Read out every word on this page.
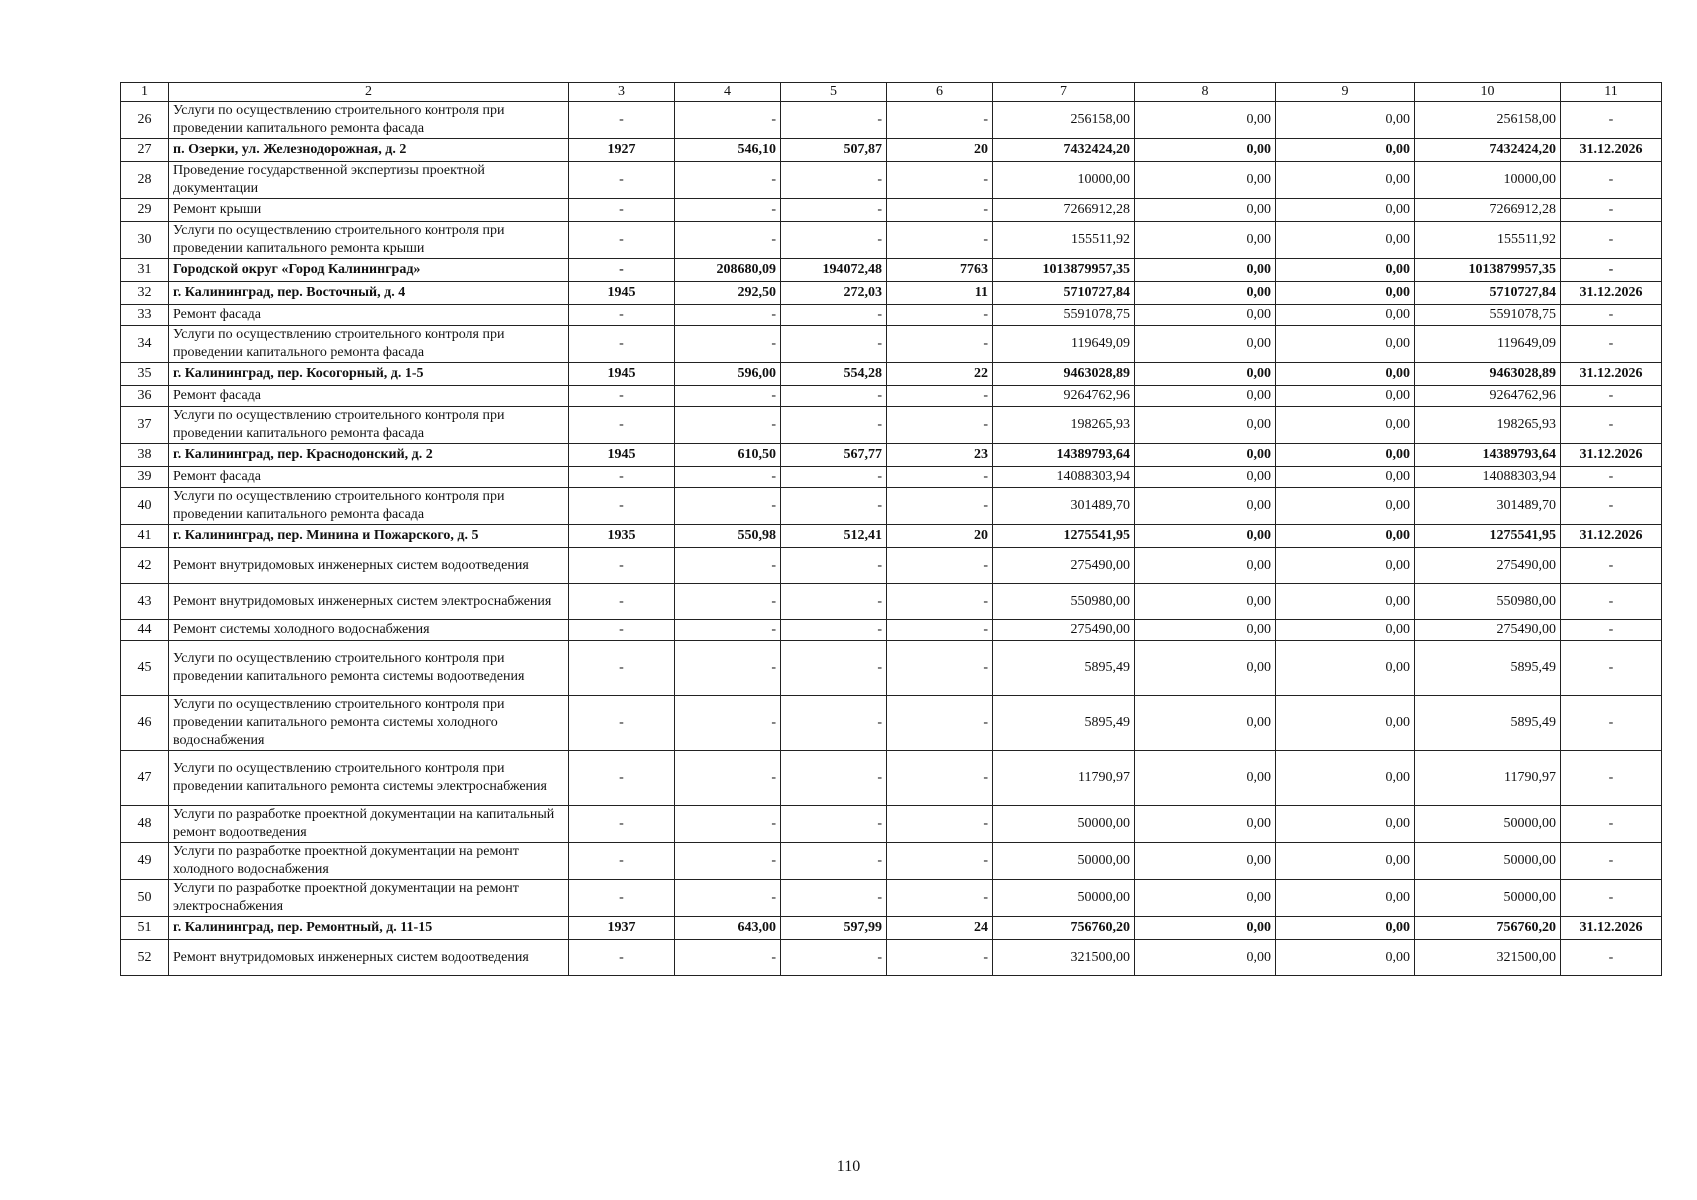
1	2	3	4	5	6	7	8	9	10	11
26	Услуги по осуществлению строительного контроля при проведении капитального ремонта фасада	-	-	-	-	256158,00	0,00	0,00	256158,00	-
27	п. Озерки, ул. Железнодорожная, д. 2	1927	546,10	507,87	20	7432424,20	0,00	0,00	7432424,20	31.12.2026
28	Проведение государственной экспертизы проектной документации	-	-	-	-	10000,00	0,00	0,00	10000,00	-
29	Ремонт крыши	-	-	-	-	7266912,28	0,00	0,00	7266912,28	-
30	Услуги по осуществлению строительного контроля при проведении капитального ремонта крыши	-	-	-	-	155511,92	0,00	0,00	155511,92	-
31	Городской округ «Город Калининград»	-	208680,09	194072,48	7763	1013879957,35	0,00	0,00	1013879957,35	-
32	г. Калининград, пер. Восточный, д. 4	1945	292,50	272,03	11	5710727,84	0,00	0,00	5710727,84	31.12.2026
33	Ремонт фасада	-	-	-	-	5591078,75	0,00	0,00	5591078,75	-
34	Услуги по осуществлению строительного контроля при проведении капитального ремонта фасада	-	-	-	-	119649,09	0,00	0,00	119649,09	-
35	г. Калининград, пер. Косогорный, д. 1-5	1945	596,00	554,28	22	9463028,89	0,00	0,00	9463028,89	31.12.2026
36	Ремонт фасада	-	-	-	-	9264762,96	0,00	0,00	9264762,96	-
37	Услуги по осуществлению строительного контроля при проведении капитального ремонта фасада	-	-	-	-	198265,93	0,00	0,00	198265,93	-
38	г. Калининград, пер. Краснодонский, д. 2	1945	610,50	567,77	23	14389793,64	0,00	0,00	14389793,64	31.12.2026
39	Ремонт фасада	-	-	-	-	14088303,94	0,00	0,00	14088303,94	-
40	Услуги по осуществлению строительного контроля при проведении капитального ремонта фасада	-	-	-	-	301489,70	0,00	0,00	301489,70	-
41	г. Калининград, пер. Минина и Пожарского, д. 5	1935	550,98	512,41	20	1275541,95	0,00	0,00	1275541,95	31.12.2026
42	Ремонт внутридомовых инженерных систем водоотведения	-	-	-	-	275490,00	0,00	0,00	275490,00	-
43	Ремонт внутридомовых инженерных систем электроснабжения	-	-	-	-	550980,00	0,00	0,00	550980,00	-
44	Ремонт системы холодного водоснабжения	-	-	-	-	275490,00	0,00	0,00	275490,00	-
45	Услуги по осуществлению строительного контроля при проведении капитального ремонта системы водоотведения	-	-	-	-	5895,49	0,00	0,00	5895,49	-
46	Услуги по осуществлению строительного контроля при проведении капитального ремонта системы холодного водоснабжения	-	-	-	-	5895,49	0,00	0,00	5895,49	-
47	Услуги по осуществлению строительного контроля при проведении капитального ремонта системы электроснабжения	-	-	-	-	11790,97	0,00	0,00	11790,97	-
48	Услуги по разработке проектной документации на капитальный ремонт водоотведения	-	-	-	-	50000,00	0,00	0,00	50000,00	-
49	Услуги по разработке проектной документации на ремонт холодного водоснабжения	-	-	-	-	50000,00	0,00	0,00	50000,00	-
50	Услуги по разработке проектной документации на ремонт электроснабжения	-	-	-	-	50000,00	0,00	0,00	50000,00	-
51	г. Калининград, пер. Ремонтный, д. 11-15	1937	643,00	597,99	24	756760,20	0,00	0,00	756760,20	31.12.2026
52	Ремонт внутридомовых инженерных систем водоотведения	-	-	-	-	321500,00	0,00	0,00	321500,00	-
110
